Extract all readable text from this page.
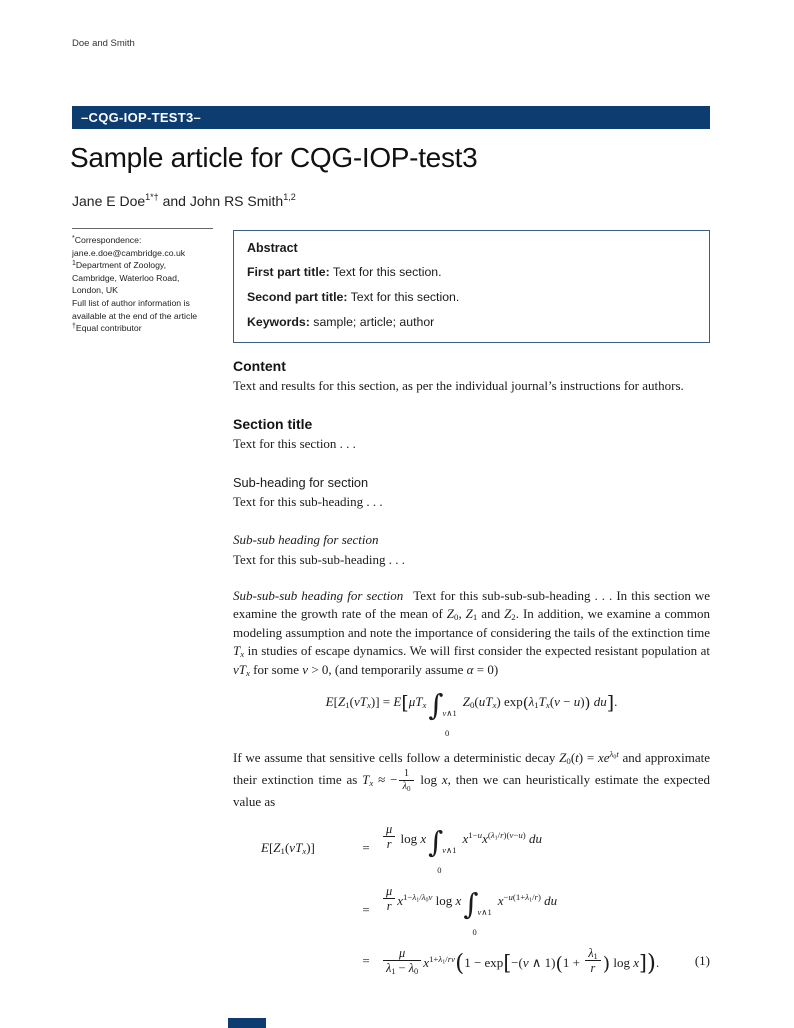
Doe and Smith
–CQG-IOP-TEST3–
Sample article for CQG-IOP-test3
Jane E Doe$^{1*\dagger}$ and John RS Smith$^{1,2}$
*Correspondence:
jane.e.doe@cambridge.co.uk
$^1$Department of Zoology,
Cambridge, Waterloo Road,
London, UK
Full list of author information is
available at the end of the article
†Equal contributor
Abstract
First part title: Text for this section.
Second part title: Text for this section.
Keywords: sample; article; author
Content

Text and results for this section, as per the individual journal’s instructions for authors.

Section title

Text for this section . . .

Sub-heading for section

Text for this sub-heading . . .

Sub-sub heading for section

Text for this sub-sub-heading . . .

Sub-sub-sub heading for section Text for this sub-sub-sub-heading . . . In this section we examine the growth rate of the mean of Z0, Z1 and Z2. In addition, we examine a common modeling assumption and note the importance of considering the tails of the extinction time Tx in studies of escape dynamics. We will first consider the expected resistant population at vTx for some v > 0, (and temporarily assume α = 0)

E[Z1(vTx)] = E[μTx∫ v∧1
0
Z0(uTx) exp(λ1Tx(v − u)) du].

If we assume that sensitive cells follow a deterministic decay $Z0(t) = xe^{\lambda 0t}$ and approximate their extinction time as Tx ≈ − $\frac{1}{\lambda 0}$ log x, then we can heuristically estimate the expected value as

E[Z1(vTx)]	=	$\frac{\mu}{r}$ log x∫ v∧1
0
$x^{1-u}x^{(\lambda 1/r)(v-u)}$ du
=	$\frac{\mu}{r} x^{1-\lambda 1/\lambda 0v}$ log x∫ v∧1
0
$x^{-u(1+\lambda 1/r)}$ du
=	$\frac{\mu}{\lambda 1 - \lambda 0} x^{1+\lambda 1/rv}(1 - \exp[-(v$ ∧ $1)(1 + \frac{\lambda 1}{r}$ ) log x]).	(1)
